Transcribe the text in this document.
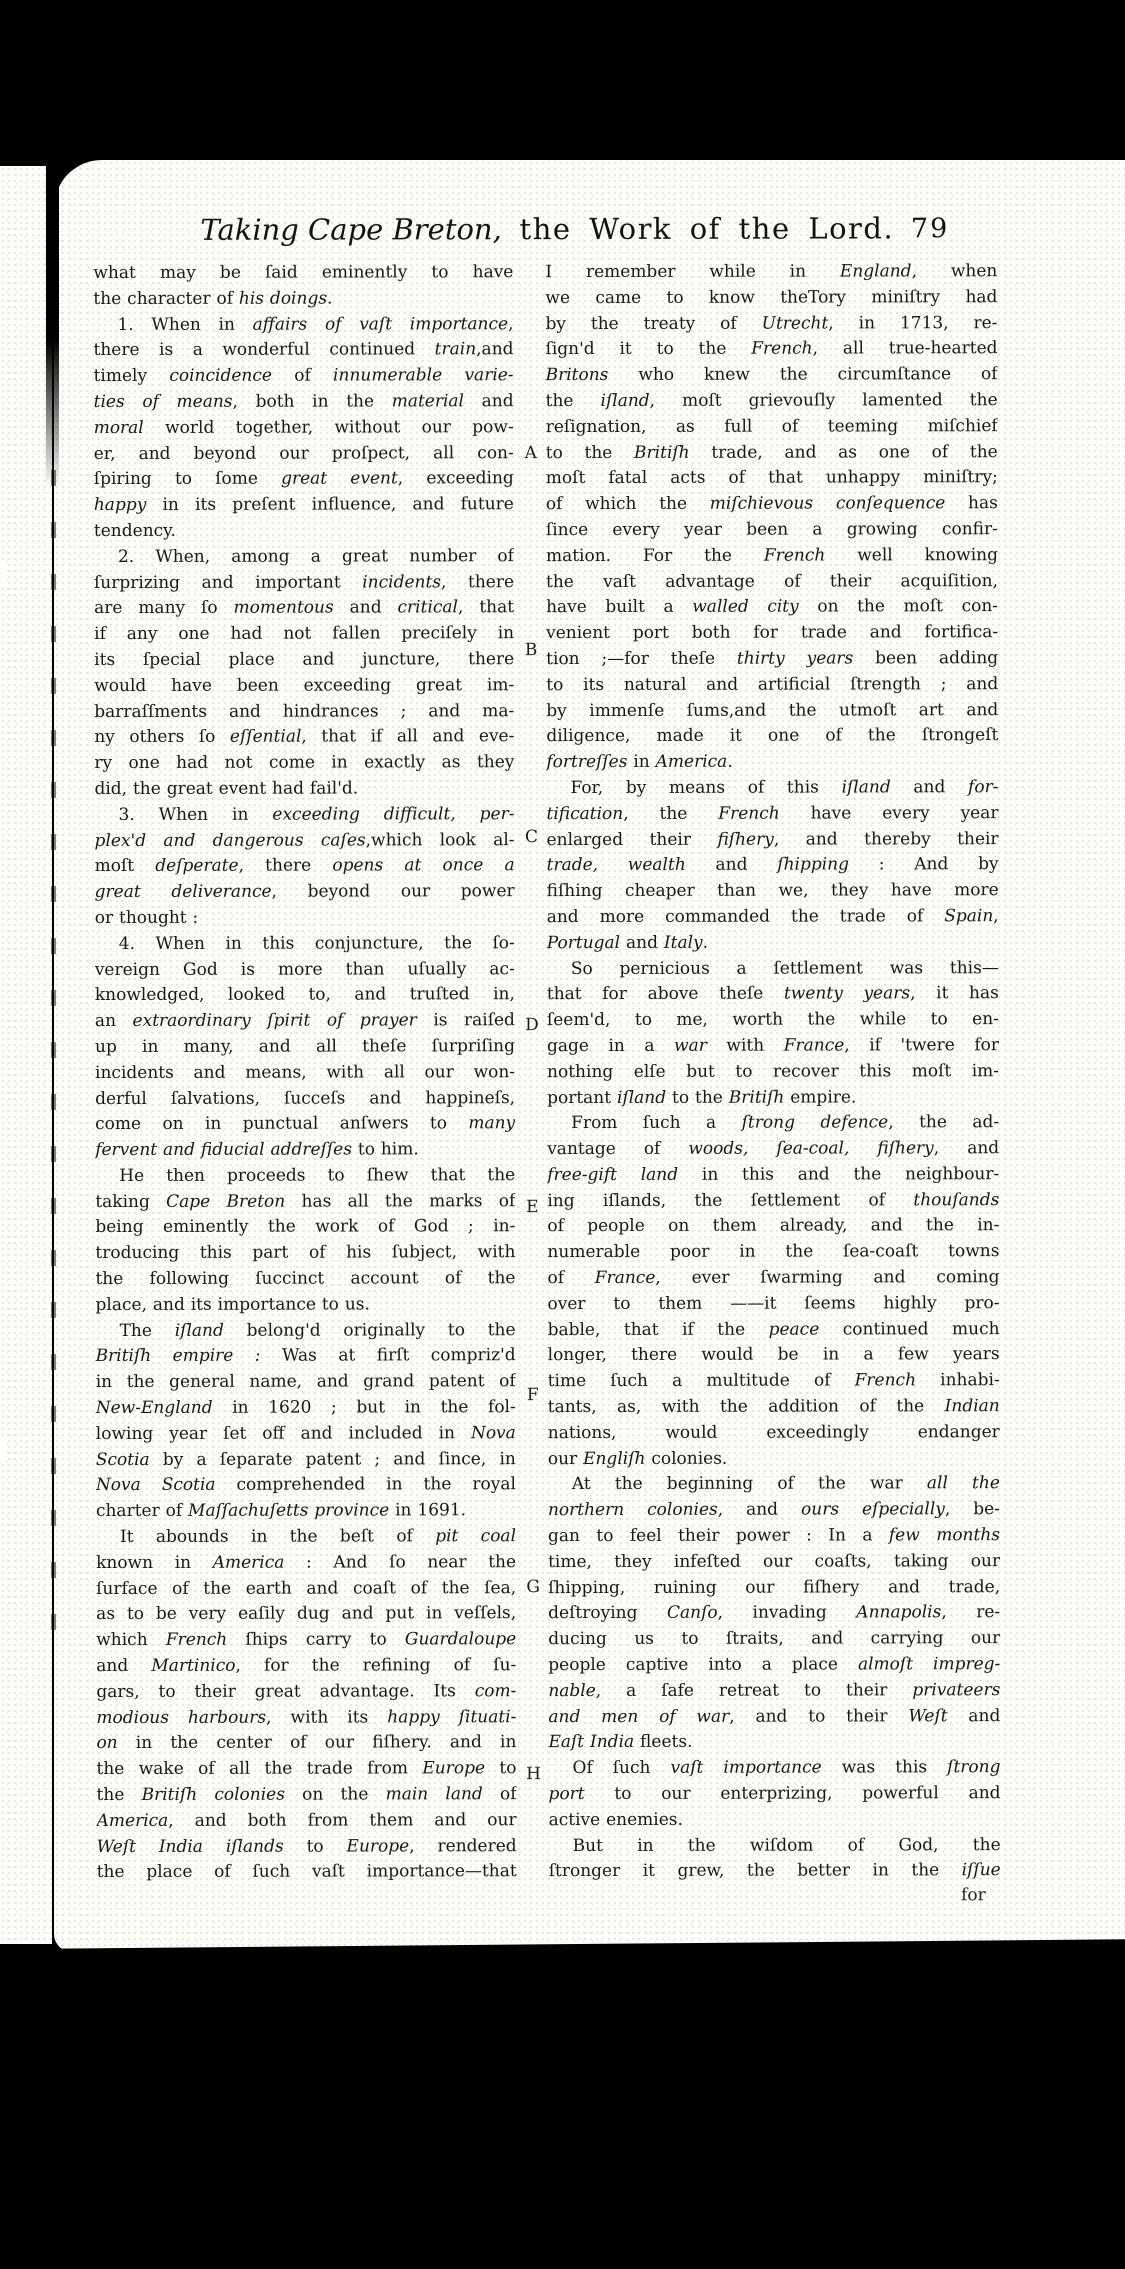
Taking Cape Breton, the Work of the Lord. 79
what may be ſaid eminently to have
the character of his doings.
1. When in affairs of vaſt importance,
there is a wonderful continued train,and
timely coincidence of innumerable varie-
ties of means, both in the material and
moral world together, without our pow-
er, and beyond our proſpect, all con-
ſpiring to ſome great event, exceeding
happy in its preſent influence, and future
tendency.
2. When, among a great number of
ſurprizing and important incidents, there
are many ſo momentous and critical, that
if any one had not fallen preciſely in
its ſpecial place and juncture, there
would have been exceeding great im-
barraſſments and hindrances ; and ma-
ny others ſo eſſential, that if all and eve-
ry one had not come in exactly as they
did, the great event had fail'd.
3. When in exceeding difficult, per-
plex'd and dangerous caſes,which look al-
moſt deſperate, there opens at once a
great deliverance, beyond our power
or thought :
4. When in this conjuncture, the ſo-
vereign God is more than uſually ac-
knowledged, looked to, and truſted in,
an extraordinary ſpirit of prayer is raiſed
up in many, and all theſe ſurpriſing
incidents and means, with all our won-
derful ſalvations, ſucceſs and happineſs,
come on in punctual anſwers to many
fervent and fiducial addreſſes to him.
He then proceeds to ſhew that the
taking Cape Breton has all the marks of
being eminently the work of God ; in-
troducing this part of his ſubject, with
the following ſuccinct account of the
place, and its importance to us.
The iſland belong'd originally to the
Britiſh empire : Was at firſt compriz'd
in the general name, and grand patent of
New-England in 1620 ; but in the fol-
lowing year ſet off and included in Nova
Scotia by a ſeparate patent ; and ſince, in
Nova Scotia comprehended in the royal
charter of Maſſachuſetts province in 1691.
It abounds in the beſt of pit coal
known in America : And ſo near the
ſurface of the earth and coaſt of the ſea,
as to be very eaſily dug and put in veſſels,
which French ſhips carry to Guardaloupe
and Martinico, for the refining of ſu-
gars, to their great advantage. Its com-
modious harbours, with its happy ſituati-
on in the center of our fiſhery. and in
the wake of all the trade from Europe to
the Britiſh colonies on the main land of
America, and both from them and our
Weſt India iſlands to Europe, rendered
the place of ſuch vaſt importance—that
I remember while in England, when
we came to know theTory miniſtry had
by the treaty of Utrecht, in 1713, re-
ſign'd it to the French, all true-hearted
Britons who knew the circumſtance of
the iſland, moſt grievouſly lamented the
reſignation, as full of teeming miſchief
to the Britiſh trade, and as one of the
moſt fatal acts of that unhappy miniſtry;
of which the miſchievous conſequence has
ſince every year been a growing confir-
mation. For the French well knowing
the vaſt advantage of their acquiſition,
have built a walled city on the moſt con-
venient port both for trade and fortifica-
tion ;—for theſe thirty years been adding
to its natural and artificial ſtrength ; and
by immenſe ſums,and the utmoſt art and
diligence, made it one of the ſtrongeſt
fortreſſes in America.
For, by means of this iſland and for-
tification, the French have every year
enlarged their fiſhery, and thereby their
trade, wealth and ſhipping : And by
fiſhing cheaper than we, they have more
and more commanded the trade of Spain,
Portugal and Italy.
So pernicious a ſettlement was this—
that for above theſe twenty years, it has
ſeem'd, to me, worth the while to en-
gage in a war with France, if 'twere for
nothing elſe but to recover this moſt im-
portant iſland to the Britiſh empire.
From ſuch a ſtrong defence, the ad-
vantage of woods, ſea-coal, fiſhery, and
free-gift land in this and the neighbour-
ing iſlands, the ſettlement of thouſands
of people on them already, and the in-
numerable poor in the ſea-coaſt towns
of France, ever ſwarming and coming
over to them ——it ſeems highly pro-
bable, that if the peace continued much
longer, there would be in a few years
time ſuch a multitude of French inhabi-
tants, as, with the addition of the Indian
nations, would exceedingly endanger
our Engliſh colonies.
At the beginning of the war all the
northern colonies, and ours eſpecially, be-
gan to feel their power : In a few months
time, they infeſted our coaſts, taking our
ſhipping, ruining our fiſhery and trade,
deſtroying Canſo, invading Annapolis, re-
ducing us to ſtraits, and carrying our
people captive into a place almoſt impreg-
nable, a ſafe retreat to their privateers
and men of war, and to their Weſt and
Eaſt India fleets.
Of ſuch vaſt importance was this ſtrong
port to our enterprizing, powerful and
active enemies.
But in the wiſdom of God, the
ſtronger it grew, the better in the iſſue
A
B
C
D
E
F
G
H
for
